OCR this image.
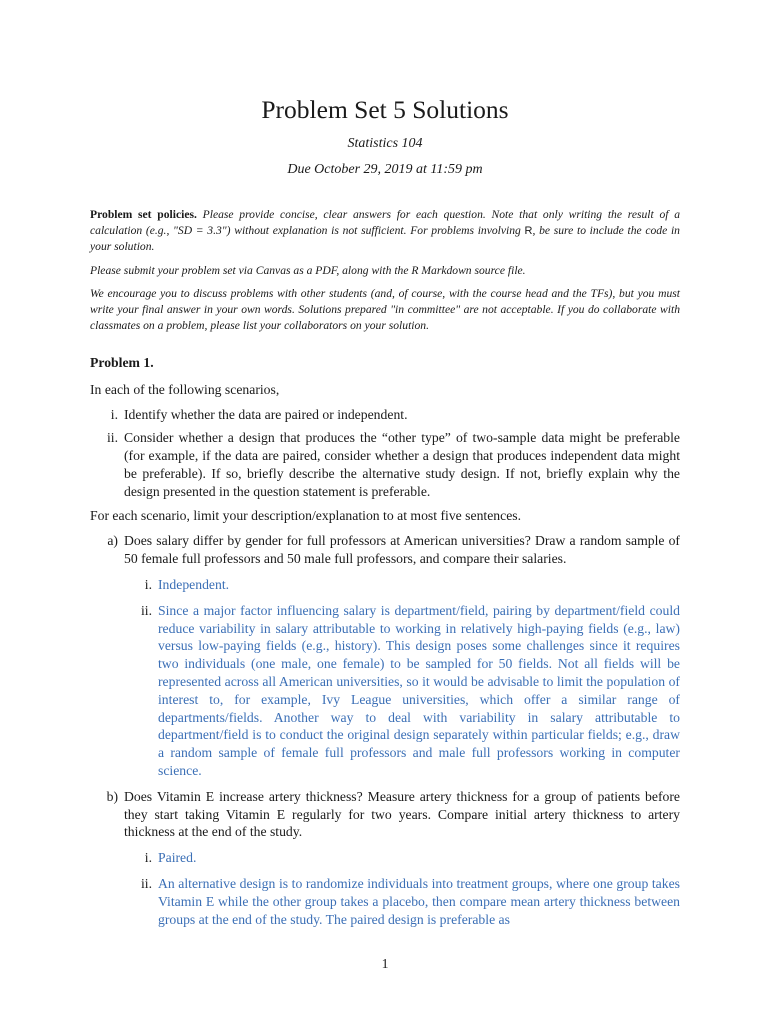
Problem Set 5 Solutions
Statistics 104
Due October 29, 2019 at 11:59 pm

Problem set policies. Please provide concise, clear answers for each question. Note that only writing the result of a calculation (e.g., "SD = 3.3") without explanation is not sufficient. For problems involving R, be sure to include the code in your solution.

Please submit your problem set via Canvas as a PDF, along with the R Markdown source file.

We encourage you to discuss problems with other students (and, of course, with the course head and the TFs), but you must write your final answer in your own words. Solutions prepared "in committee" are not acceptable. If you do collaborate with classmates on a problem, please list your collaborators on your solution.

Problem 1.

In each of the following scenarios,

i. Identify whether the data are paired or independent.
ii. Consider whether a design that produces the “other type” of two-sample data might be preferable (for example, if the data are paired, consider whether a design that produces independent data might be preferable). If so, briefly describe the alternative study design. If not, briefly explain why the design presented in the question statement is preferable.

For each scenario, limit your description/explanation to at most five sentences.

a) Does salary differ by gender for full professors at American universities? Draw a random sample of 50 female full professors and 50 male full professors, and compare their salaries.
i. Independent.
ii. Since a major factor influencing salary is department/field, pairing by department/field could reduce variability in salary attributable to working in relatively high-paying fields (e.g., law) versus low-paying fields (e.g., history). This design poses some challenges since it requires two individuals (one male, one female) to be sampled for 50 fields. Not all fields will be represented across all American universities, so it would be advisable to limit the population of interest to, for example, Ivy League universities, which offer a similar range of departments/fields. Another way to deal with variability in salary attributable to department/field is to conduct the original design separately within particular fields; e.g., draw a random sample of female full professors and male full professors working in computer science.
b) Does Vitamin E increase artery thickness? Measure artery thickness for a group of patients before they start taking Vitamin E regularly for two years. Compare initial artery thickness to artery thickness at the end of the study.
i. Paired.
ii. An alternative design is to randomize individuals into treatment groups, where one group takes Vitamin E while the other group takes a placebo, then compare mean artery thickness between groups at the end of the study. The paired design is preferable as
1
